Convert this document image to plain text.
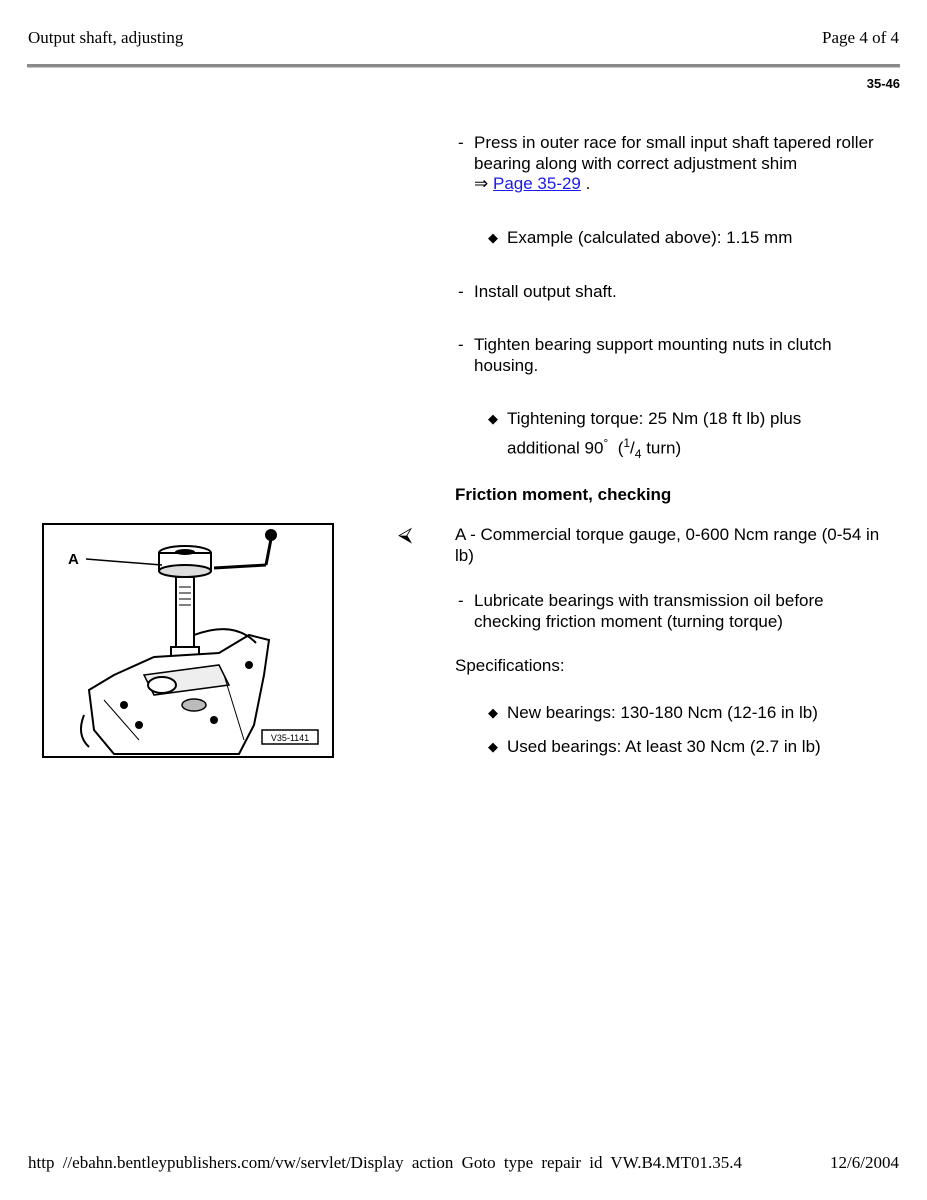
Output shaft, adjusting	Page 4 of 4
35-46
- Press in outer race for small input shaft tapered roller bearing along with correct adjustment shim
⇒ Page 35-29 .
◆ Example (calculated above): 1.15 mm
- Install output shaft.
- Tighten bearing support mounting nuts in clutch housing.
◆ Tightening torque: 25 Nm (18 ft lb) plus
additional 90° ($^1/_4$ turn)
Friction moment, checking
⮘	A - Commercial torque gauge, 0-600 Ncm range (0-54 in lb)
- Lubricate bearings with transmission oil before checking friction moment (turning torque)
Specifications:
◆ New bearings: 130-180 Ncm (12-16 in lb)
◆ Used bearings: At least 30 Ncm (2.7 in lb)
A
V35-1141
http //ebahn.bentleypublishers.com/vw/servlet/Display action Goto type repair id VW.B4.MT01.35.4	12/6/2004
